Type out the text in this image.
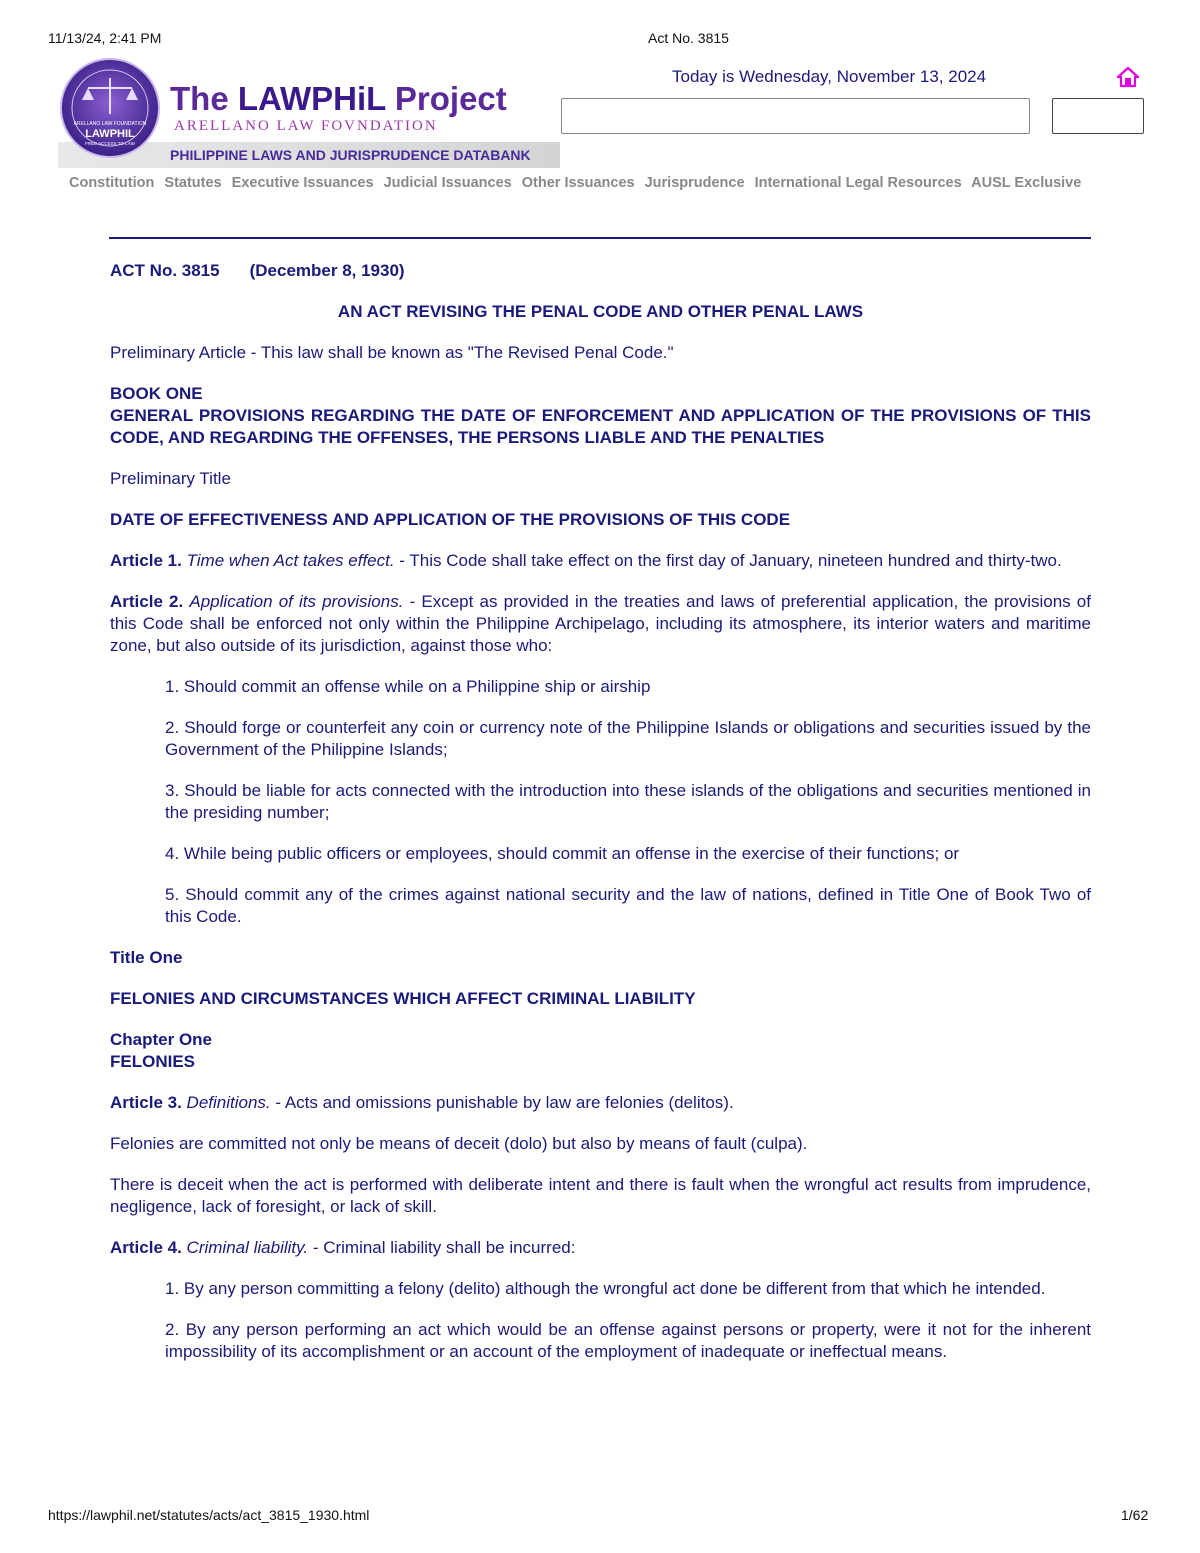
11/13/24, 2:41 PM	Act No. 3815
https://lawphil.net/statutes/acts/act_3815_1930.html	1/62
PHILIPPINE LAWS AND JURISPRUDENCE DATABANK
ARELLANO LAW FOVNDATION
The LAWPHiL Project
ARELLANO LAW FOUNDATION
LAWPHIL
FREE ACCESS TO LAW
Today is Wednesday, November 13, 2024
Constitution Statutes Executive Issuances Judicial Issuances Other Issuances Jurisprudence International Legal Resources AUSL Exclusive

ACT No. 3815 (December 8, 1930)

AN ACT REVISING THE PENAL CODE AND OTHER PENAL LAWS

Preliminary Article - This law shall be known as "The Revised Penal Code."

BOOK ONE
GENERAL PROVISIONS REGARDING THE DATE OF ENFORCEMENT AND APPLICATION OF THE PROVISIONS OF THIS CODE, AND REGARDING THE OFFENSES, THE PERSONS LIABLE AND THE PENALTIES

Preliminary Title

DATE OF EFFECTIVENESS AND APPLICATION OF THE PROVISIONS OF THIS CODE

Article 1. Time when Act takes effect. - This Code shall take effect on the first day of January, nineteen hundred and thirty-two.

Article 2. Application of its provisions. - Except as provided in the treaties and laws of preferential application, the provisions of this Code shall be enforced not only within the Philippine Archipelago, including its atmosphere, its interior waters and maritime zone, but also outside of its jurisdiction, against those who:

1. Should commit an offense while on a Philippine ship or airship

2. Should forge or counterfeit any coin or currency note of the Philippine Islands or obligations and securities issued by the Government of the Philippine Islands;

3. Should be liable for acts connected with the introduction into these islands of the obligations and securities mentioned in the presiding number;

4. While being public officers or employees, should commit an offense in the exercise of their functions; or

5. Should commit any of the crimes against national security and the law of nations, defined in Title One of Book Two of this Code.

Title One

FELONIES AND CIRCUMSTANCES WHICH AFFECT CRIMINAL LIABILITY

Chapter One
FELONIES

Article 3. Definitions. - Acts and omissions punishable by law are felonies (delitos).

Felonies are committed not only be means of deceit (dolo) but also by means of fault (culpa).

There is deceit when the act is performed with deliberate intent and there is fault when the wrongful act results from imprudence, negligence, lack of foresight, or lack of skill.

Article 4. Criminal liability. - Criminal liability shall be incurred:

1. By any person committing a felony (delito) although the wrongful act done be different from that which he intended.

2. By any person performing an act which would be an offense against persons or property, were it not for the inherent impossibility of its accomplishment or an account of the employment of inadequate or ineffectual means.
